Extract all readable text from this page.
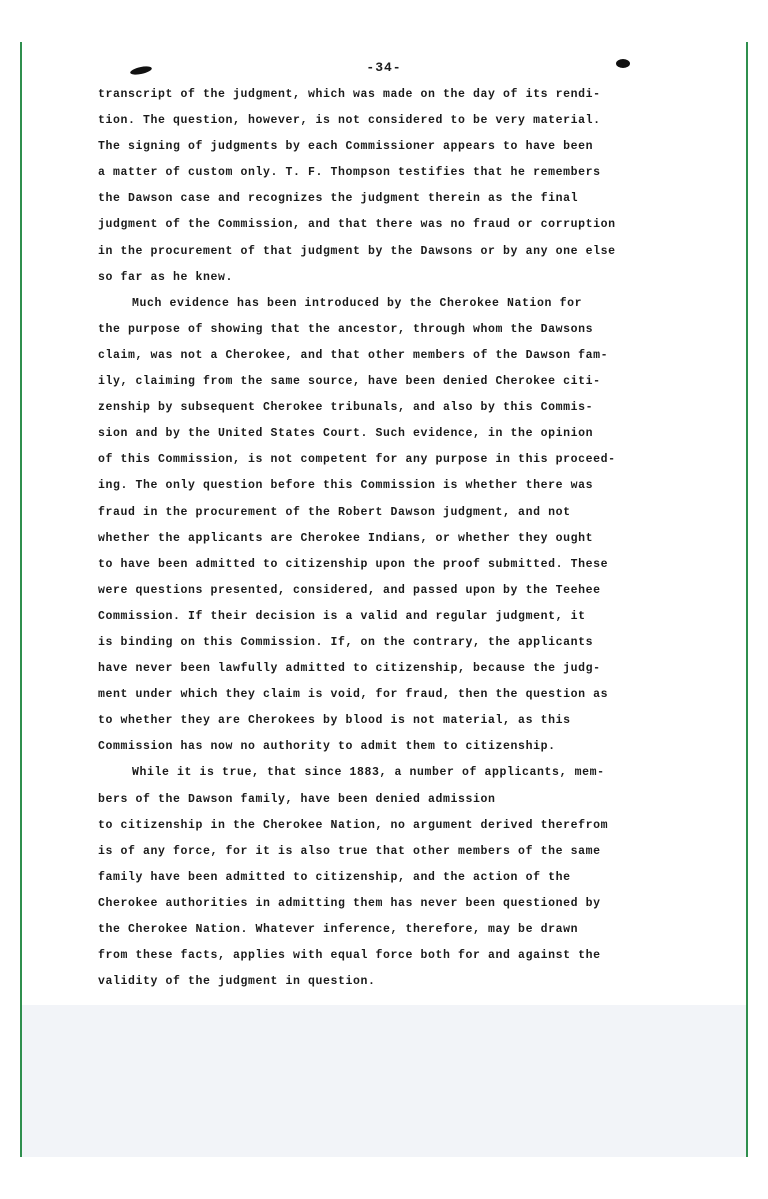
-34-
transcript of the judgment, which was made on the day of its rendi-
tion. The question, however, is not considered to be very material.
The signing of judgments by each Commissioner appears to have been
a matter of custom only. T. F. Thompson testifies that he remembers
the Dawson case and recognizes the judgment therein as the final
judgment of the Commission, and that there was no fraud or corruption
in the procurement of that judgment by the Dawsons or by any one else
so far as he knew.
Much evidence has been introduced by the Cherokee Nation for
the purpose of showing that the ancestor, through whom the Dawsons
claim, was not a Cherokee, and that other members of the Dawson fam-
ily, claiming from the same source, have been denied Cherokee citi-
zenship by subsequent Cherokee tribunals, and also by this Commis-
sion and by the United States Court. Such evidence, in the opinion
of this Commission, is not competent for any purpose in this proceed-
ing. The only question before this Commission is whether there was
fraud in the procurement of the Robert Dawson judgment, and not
whether the applicants are Cherokee Indians, or whether they ought
to have been admitted to citizenship upon the proof submitted. These
were questions presented, considered, and passed upon by the Teehee
Commission. If their decision is a valid and regular judgment, it
is binding on this Commission. If, on the contrary, the applicants
have never been lawfully admitted to citizenship, because the judg-
ment under which they claim is void, for fraud, then the question as
to whether they are Cherokees by blood is not material, as this
Commission has now no authority to admit them to citizenship.
While it is true, that since 1883, a number of applicants, mem-
bers of the Dawson family, have been denied admission
to citizenship in the Cherokee Nation, no argument derived therefrom
is of any force, for it is also true that other members of the same
family have been admitted to citizenship, and the action of the
Cherokee authorities in admitting them has never been questioned by
the Cherokee Nation. Whatever inference, therefore, may be drawn
from these facts, applies with equal force both for and against the
validity of the judgment in question.
